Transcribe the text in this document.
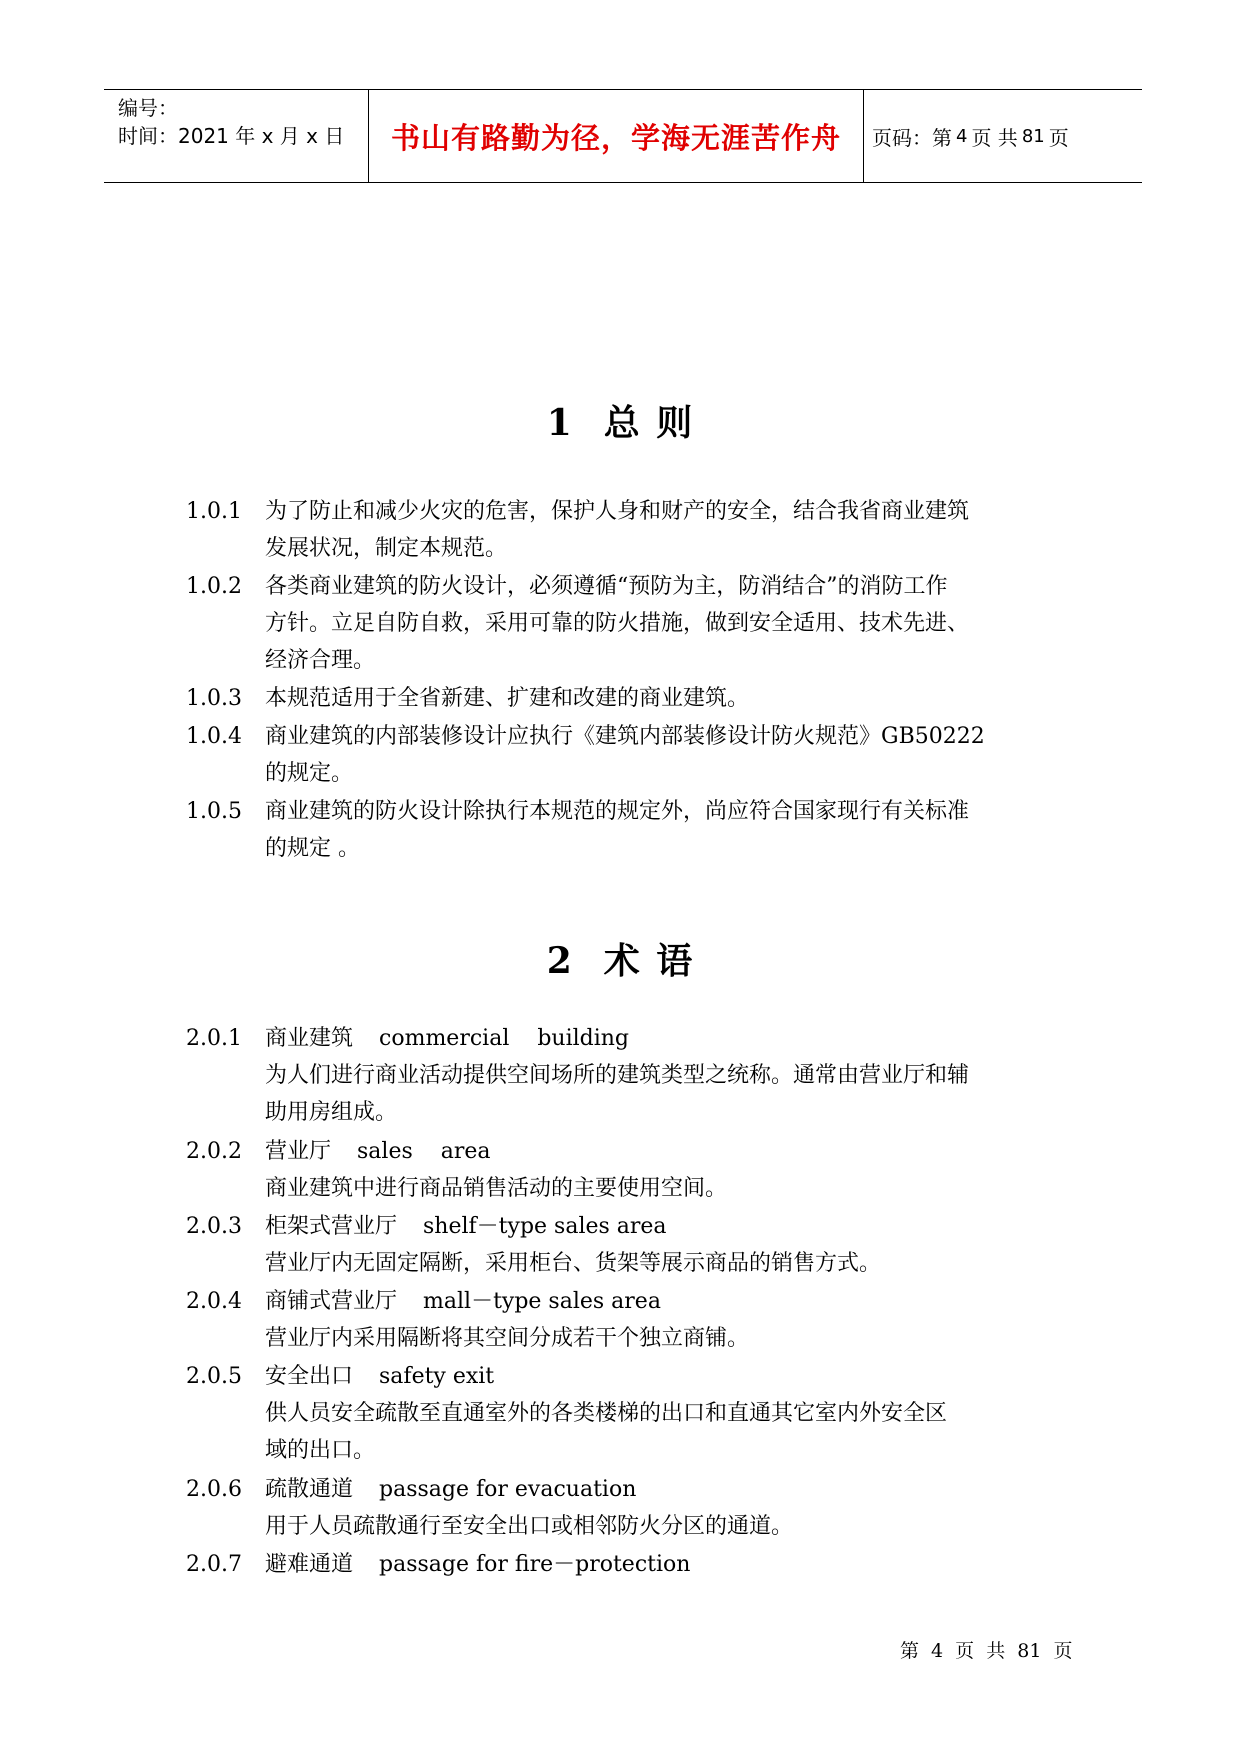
编号：
时间：2021 年 x 月 x 日	书山有路勤为径，学海无涯苦作舟	页码：第 4 页 共 81 页
1 总 则
1.0.1	为了防止和减少火灾的危害，保护人身和财产的安全，结合我省商业建筑
发展状况，制定本规范。
1.0.2	各类商业建筑的防火设计，必须遵循“预防为主，防消结合”的消防工作
方针。立足自防自救，采用可靠的防火措施，做到安全适用、技术先进、
经济合理。
1.0.3	本规范适用于全省新建、扩建和改建的商业建筑。
1.0.4	商业建筑的内部装修设计应执行《建筑内部装修设计防火规范》GB50222
的规定。
1.0.5	商业建筑的防火设计除执行本规范的规定外，尚应符合国家现行有关标准
的规定 。
2 术 语
2.0.1 商业建筑 commercial    building
为人们进行商业活动提供空间场所的建筑类型之统称。通常由营业厅和辅
助用房组成。
2.0.2 营业厅 sales    area
商业建筑中进行商品销售活动的主要使用空间。
2.0.3 柜架式营业厅 shelf－type sales area
营业厅内无固定隔断，采用柜台、货架等展示商品的销售方式。
2.0.4 商铺式营业厅 mall－type sales area
营业厅内采用隔断将其空间分成若干个独立商铺。
2.0.5 安全出口 safety exit
供人员安全疏散至直通室外的各类楼梯的出口和直通其它室内外安全区
域的出口。
2.0.6 疏散通道 passage for evacuation
用于人员疏散通行至安全出口或相邻防火分区的通道。
2.0.7 避难通道 passage for fire－protection
第 4 页 共 81 页
